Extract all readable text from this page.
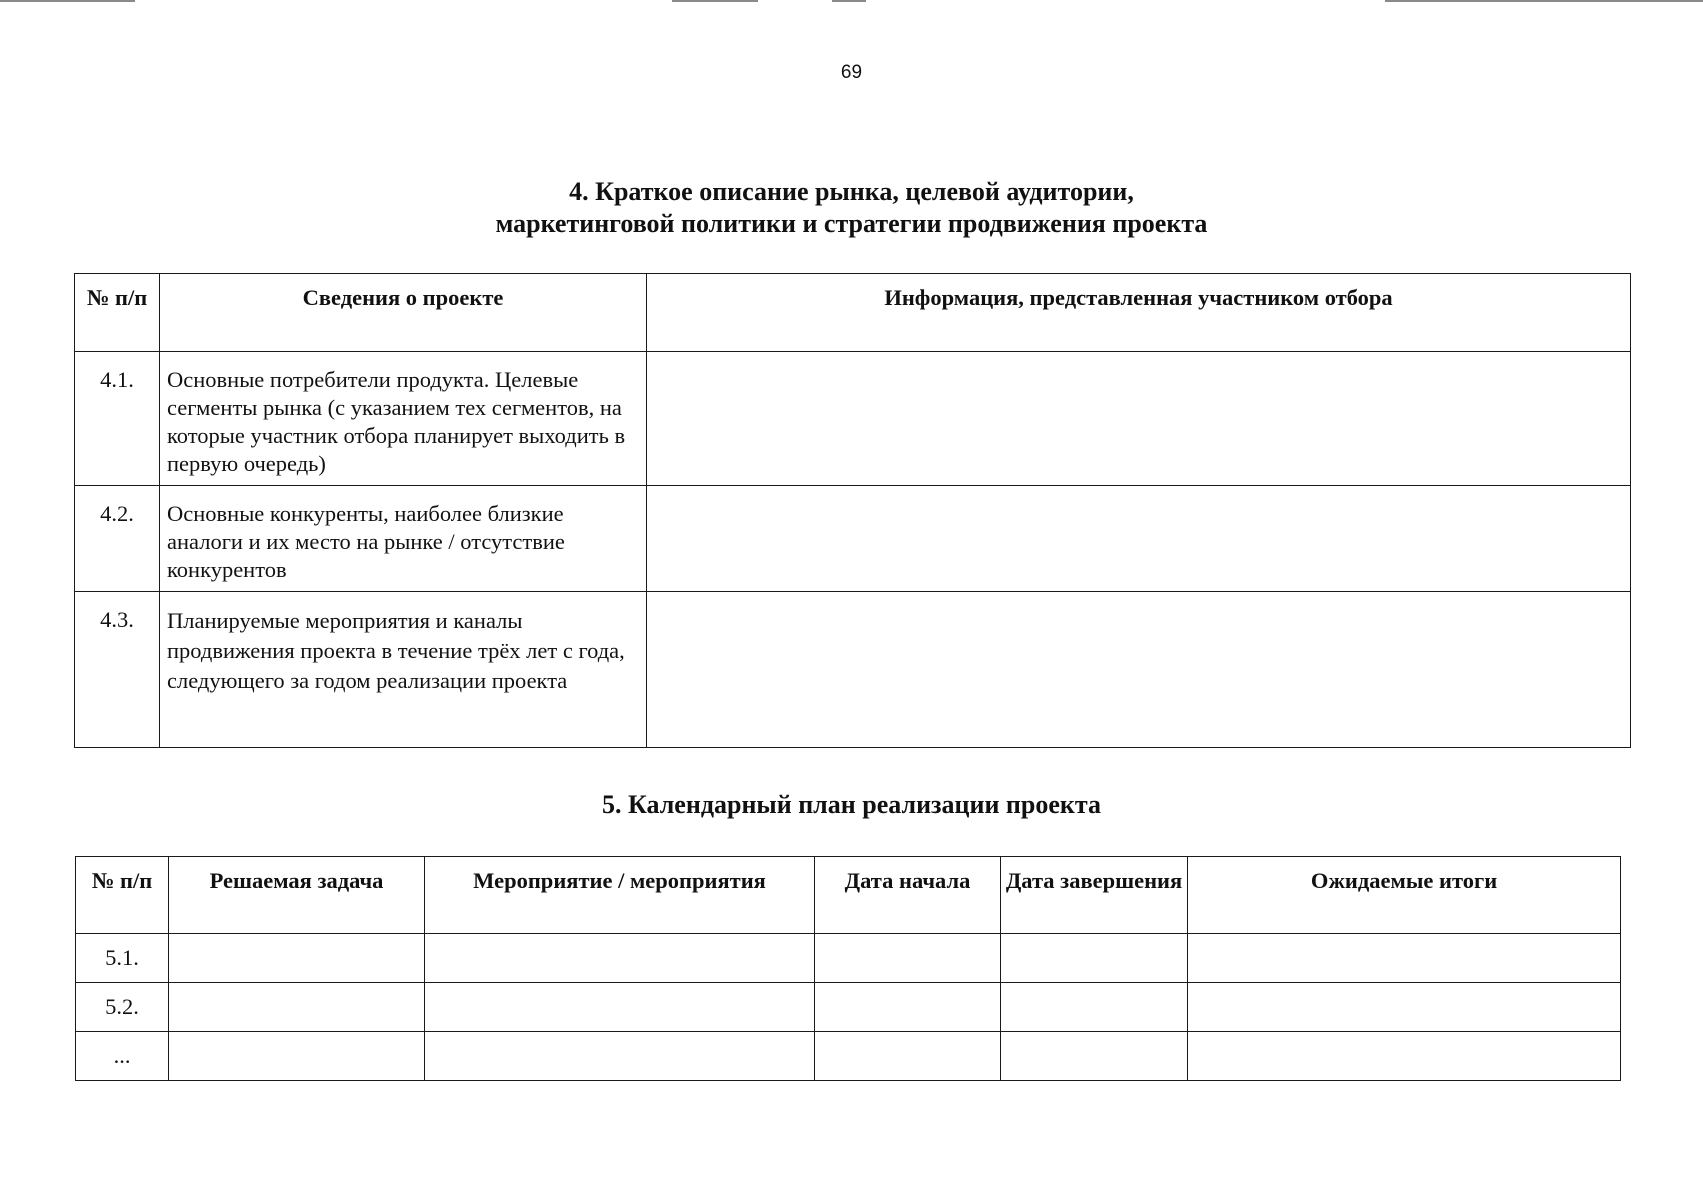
69
4. Краткое описание рынка, целевой аудитории,
маркетинговой политики и стратегии продвижения проекта
№ п/п	Сведения о проекте	Информация, представленная участником отбора
4.1.	Основные потребители продукта. Целевые сегменты рынка (с указанием тех сегментов, на которые участник отбора планирует выходить в первую очередь)	
4.2.	Основные конкуренты, наиболее близкие аналоги и их место на рынке / отсутствие конкурентов	
4.3.	Планируемые мероприятия и каналы продвижения проекта в течение трёх лет с года, следующего за годом реализации проекта	
5. Календарный план реализации проекта
№ п/п	Решаемая задача	Мероприятие / мероприятия	Дата начала	Дата завершения	Ожидаемые итоги
5.1.					
5.2.					
...					
